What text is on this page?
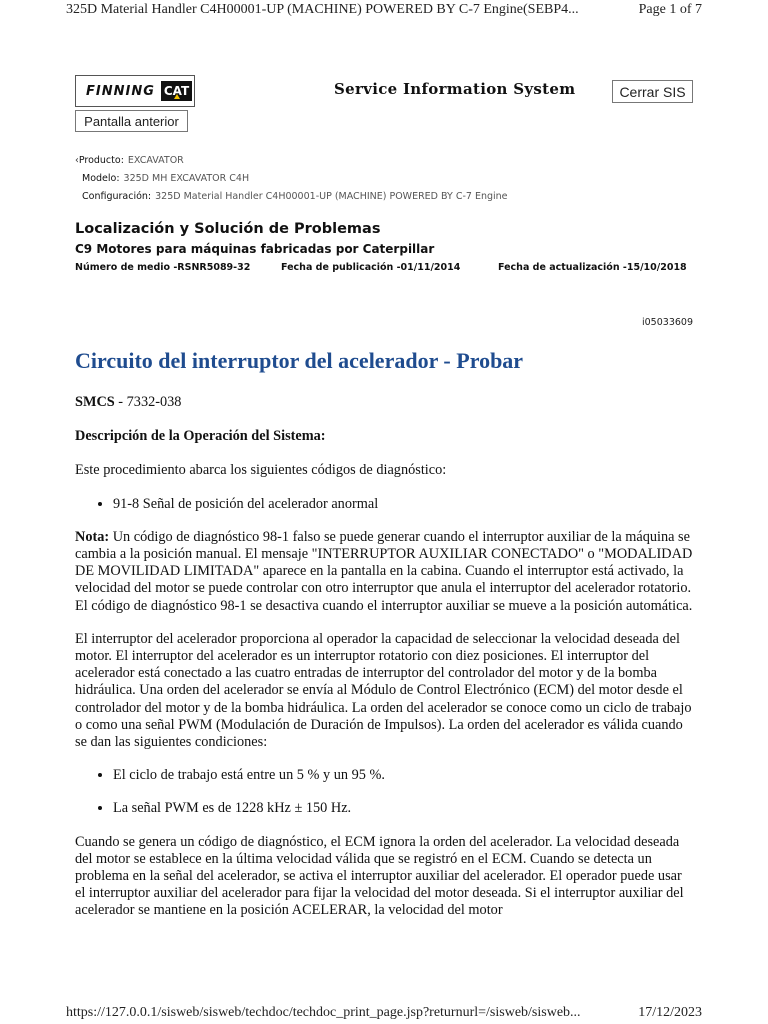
325D Material Handler C4H00001-UP (MACHINE) POWERED BY C-7 Engine(SEBP4...	Page 1 of 7
FINNING CAT	Service Information System	Cerrar SIS
Pantalla anterior
‹Producto: EXCAVATOR
Modelo: 325D MH EXCAVATOR C4H
Configuración: 325D Material Handler C4H00001-UP (MACHINE) POWERED BY C-7 Engine
Localización y Solución de Problemas
C9 Motores para máquinas fabricadas por Caterpillar
Número de medio -RSNR5089-32	Fecha de publicación -01/11/2014	Fecha de actualización -15/10/2018
i05033609
Circuito del interruptor del acelerador - Probar

SMCS - 7332-038

Descripción de la Operación del Sistema:

Este procedimiento abarca los siguientes códigos de diagnóstico:

• 91-8 Señal de posición del acelerador anormal

Nota: Un código de diagnóstico 98-1 falso se puede generar cuando el interruptor auxiliar de la máquina se cambia a la posición manual. El mensaje "INTERRUPTOR AUXILIAR CONECTADO" o "MODALIDAD DE MOVILIDAD LIMITADA" aparece en la pantalla en la cabina. Cuando el interruptor está activado, la velocidad del motor se puede controlar con otro interruptor que anula el interruptor del acelerador rotatorio. El código de diagnóstico 98-1 se desactiva cuando el interruptor auxiliar se mueve a la posición automática.

El interruptor del acelerador proporciona al operador la capacidad de seleccionar la velocidad deseada del motor. El interruptor del acelerador es un interruptor rotatorio con diez posiciones. El interruptor del acelerador está conectado a las cuatro entradas de interruptor del controlador del motor y de la bomba hidráulica. Una orden del acelerador se envía al Módulo de Control Electrónico (ECM) del motor desde el controlador del motor y de la bomba hidráulica. La orden del acelerador se conoce como un ciclo de trabajo o como una señal PWM (Modulación de Duración de Impulsos). La orden del acelerador es válida cuando se dan las siguientes condiciones:

• El ciclo de trabajo está entre un 5 % y un 95 %.
• La señal PWM es de 1228 kHz ± 150 Hz.

Cuando se genera un código de diagnóstico, el ECM ignora la orden del acelerador. La velocidad deseada del motor se establece en la última velocidad válida que se registró en el ECM. Cuando se detecta un problema en la señal del acelerador, se activa el interruptor auxiliar del acelerador. El operador puede usar el interruptor auxiliar del acelerador para fijar la velocidad del motor deseada. Si el interruptor auxiliar del acelerador se mantiene en la posición ACELERAR, la velocidad del motor

https://127.0.0.1/sisweb/sisweb/techdoc/techdoc_print_page.jsp?returnurl=/sisweb/sisweb...	17/12/2023
